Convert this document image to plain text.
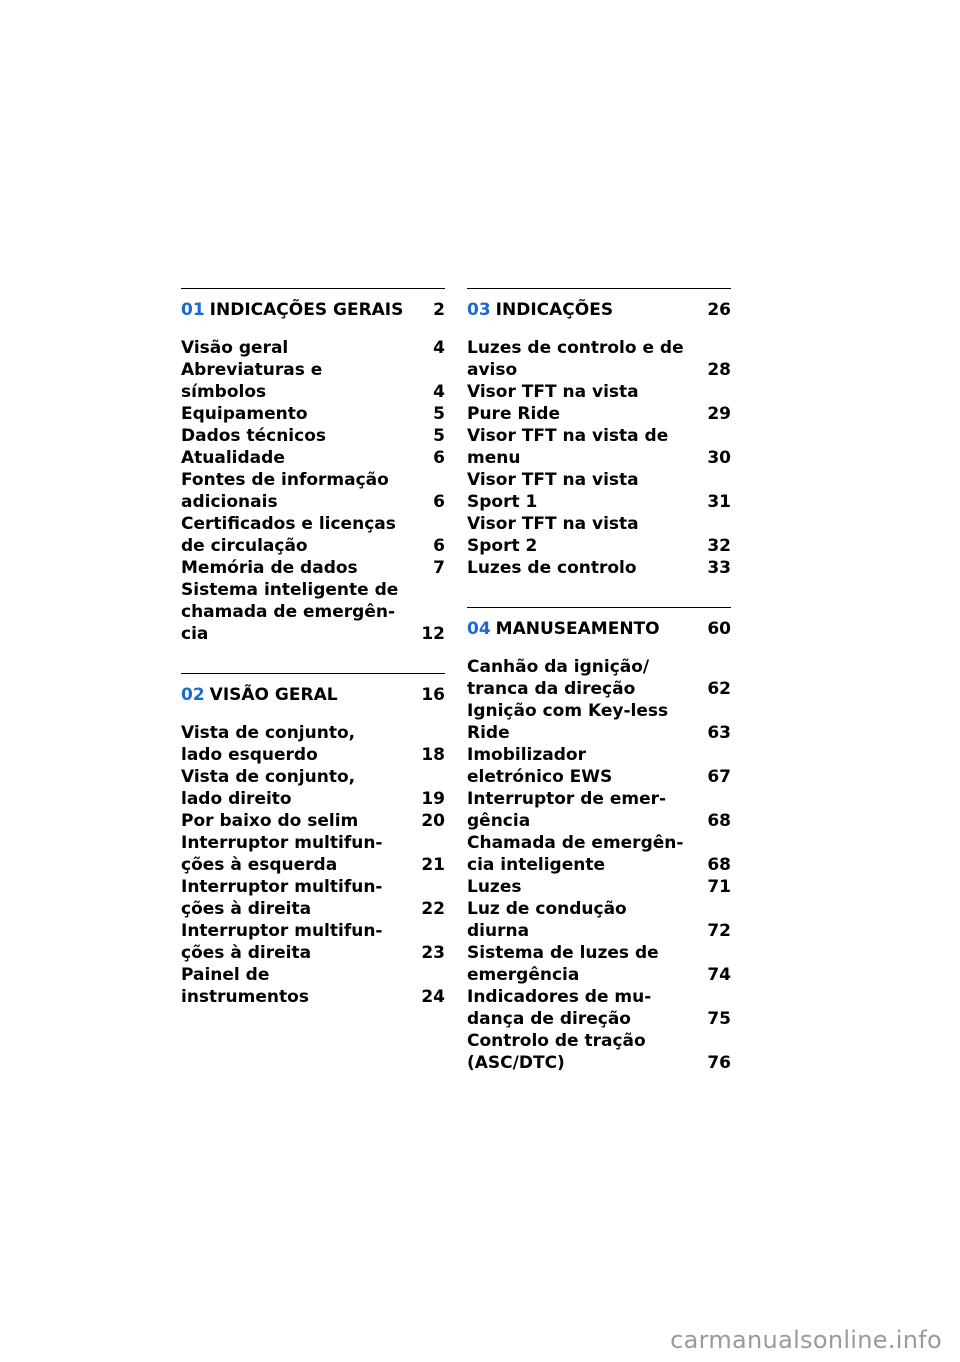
01 INDICAÇÕES GERAIS	2
Visão geral	4
Abreviaturas e símbolos	4
Equipamento	5
Dados técnicos	5
Atualidade	6
Fontes de informação adicionais	6
Certificados e licenças de circulação	6
Memória de dados	7
Sistema inteligente de chamada de emergên-cia	12
02 VISÃO GERAL	16
Vista de conjunto, lado esquerdo	18
Vista de conjunto, lado direito	19
Por baixo do selim	20
Interruptor multifun-ções à esquerda	21
Interruptor multifun-ções à direita	22
Interruptor multifun-ções à direita	23
Painel de instrumentos	24
03 INDICAÇÕES	26
Luzes de controlo e de aviso	28
Visor TFT na vista Pure Ride	29
Visor TFT na vista de menu	30
Visor TFT na vista Sport 1	31
Visor TFT na vista Sport 2	32
Luzes de controlo	33
04 MANUSEAMENTO	60
Canhão da ignição/ tranca da direção	62
Ignição com Key-less Ride	63
Imobilizador eletrónico EWS	67
Interruptor de emer-gência	68
Chamada de emergên-cia inteligente	68
Luzes	71
Luz de condução diurna	72
Sistema de luzes de emergência	74
Indicadores de mu-dança de direção	75
Controlo de tração (ASC/DTC)	76
carmanualsonline.info
